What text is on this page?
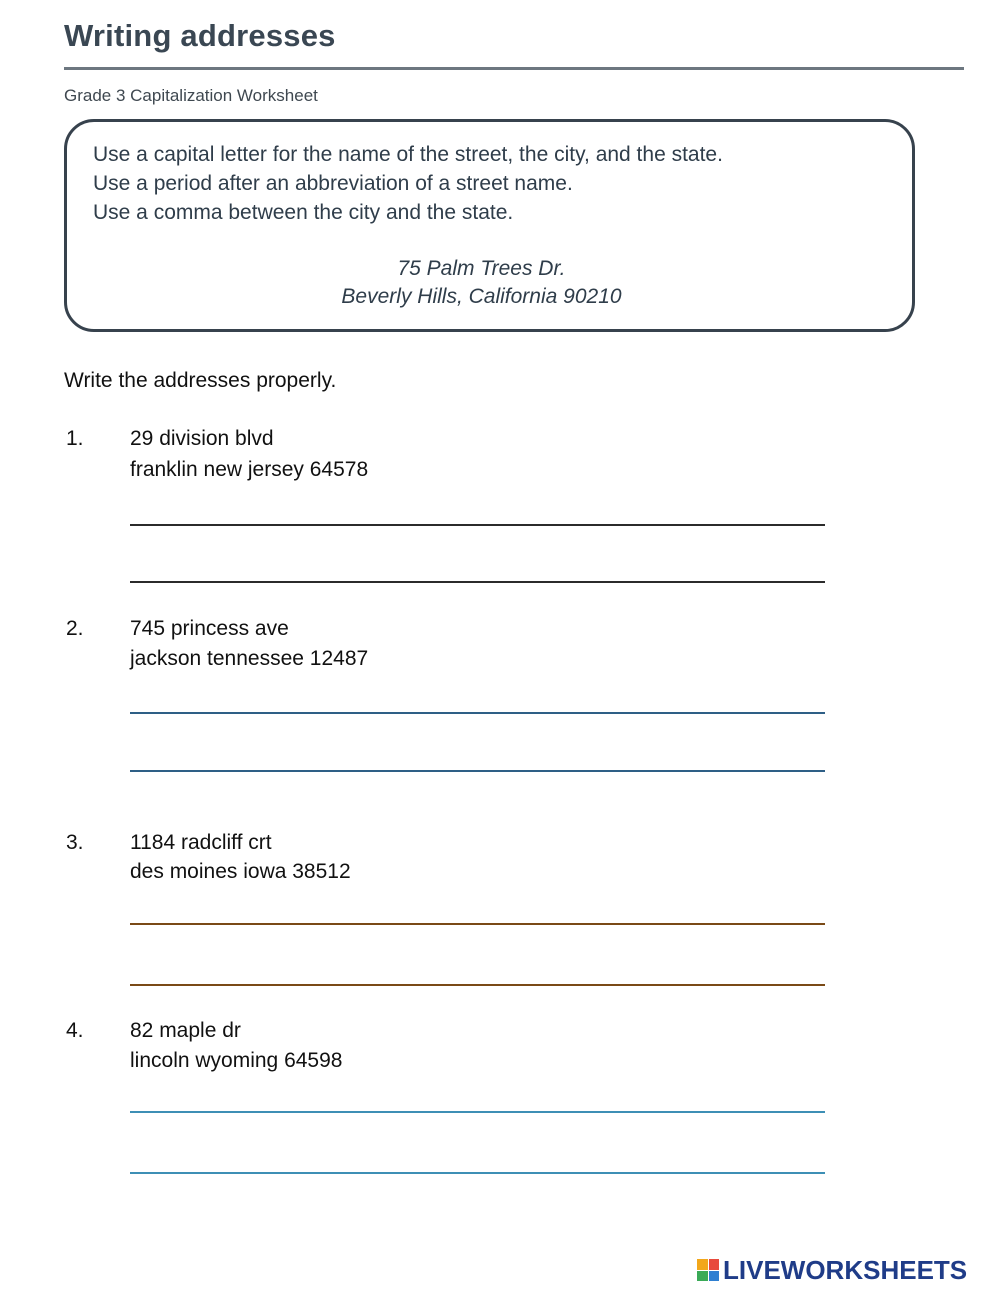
Writing addresses
Grade 3 Capitalization Worksheet
Use a capital letter for the name of the street, the city, and the state.
Use a period after an abbreviation of a street name.
Use a comma between the city and the state.
75 Palm Trees Dr.
Beverly Hills, California 90210
Write the addresses properly.
1. 29 division blvd
franklin new jersey 64578
2. 745 princess ave
jackson tennessee 12487
3. 1184 radcliff crt
des moines iowa 38512
4. 82 maple dr
lincoln wyoming 64598
LIVEWORKSHEETS
